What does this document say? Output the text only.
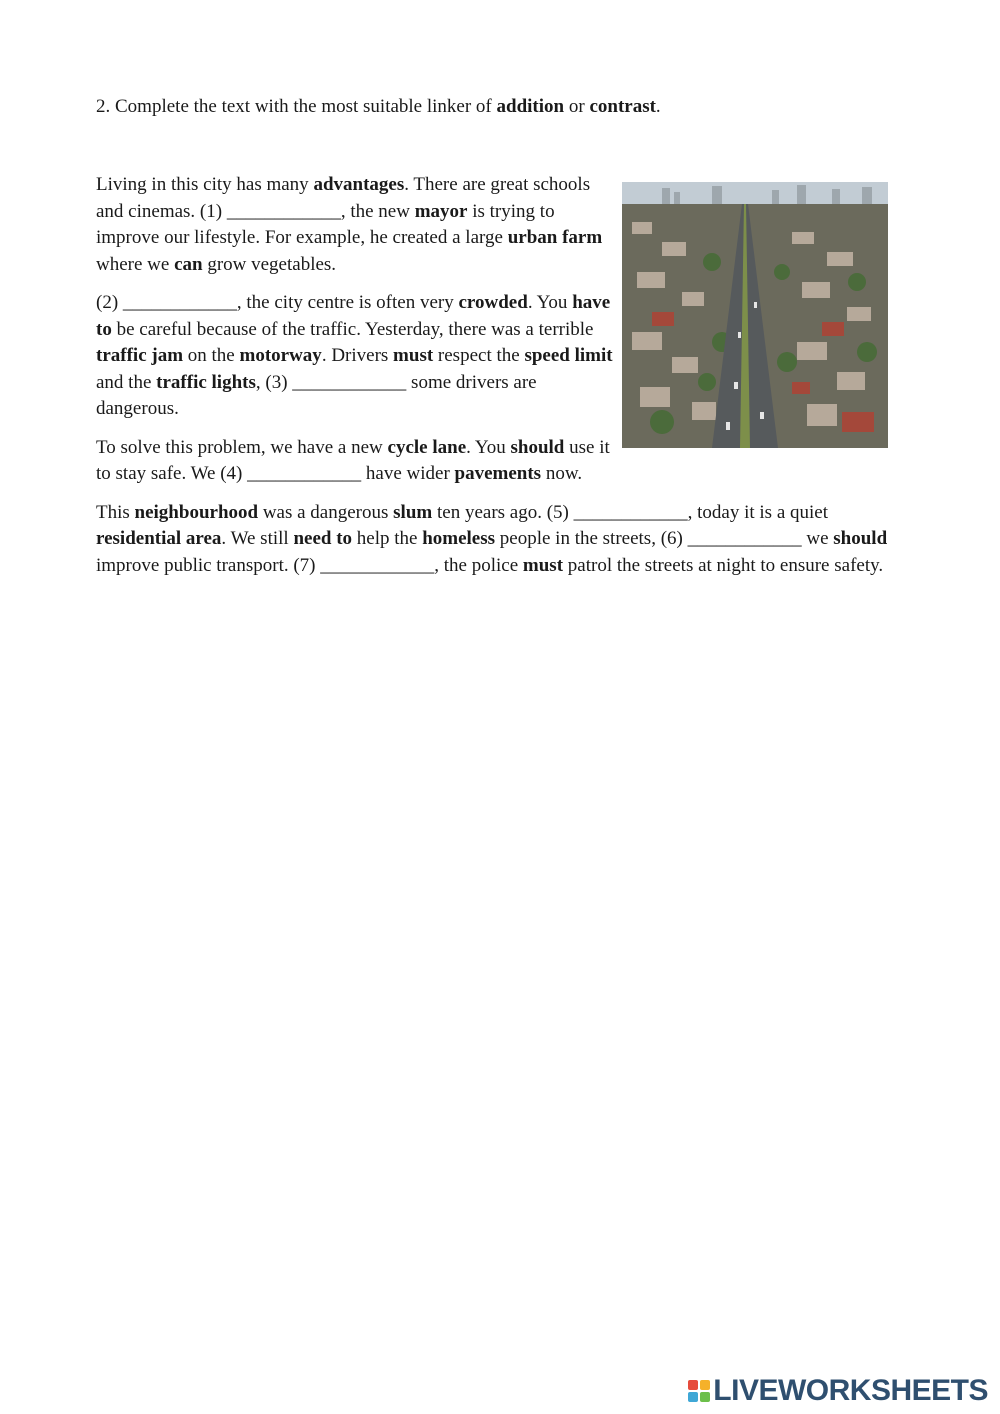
2. Complete the text with the most suitable linker of addition or contrast.

Living in this city has many advantages. There are great schools and cinemas. (1) ____________, the new mayor is trying to improve our lifestyle. For example, he created a large urban farm where we can grow vegetables.

(2) ____________, the city centre is often very crowded. You have to be careful because of the traffic. Yesterday, there was a terrible traffic jam on the motorway. Drivers must respect the speed limit and the traffic lights, (3) ____________ some drivers are dangerous.

To solve this problem, we have a new cycle lane. You should use it to stay safe. We (4) ____________ have wider pavements now.

This neighbourhood was a dangerous slum ten years ago. (5) ____________, today it is a quiet residential area. We still need to help the homeless people in the streets, (6) ____________ we should improve public transport. (7) ____________, the police must patrol the streets at night to ensure safety.

LIVEWORKSHEETS
